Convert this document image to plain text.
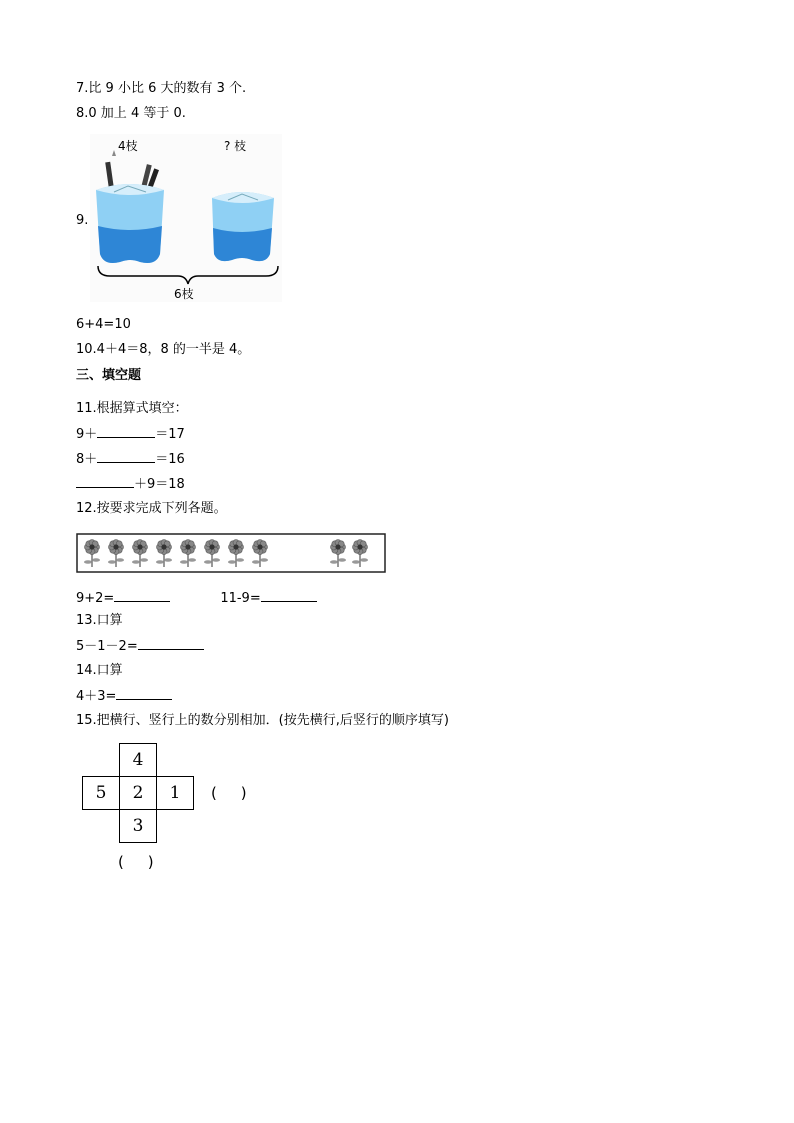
7.比 9 小比 6 大的数有 3 个.
8.0 加上 4 等于 0.
9.
4枝	? 枝
6枝
6+4=10
10.4＋4＝8，8 的一半是 4。
三、填空题
11.根据算式填空：
9＋	＝17
8＋	＝16
＋9＝18
12.按要求完成下列各题。
9+2=	11-9=
13.口算
5－1－2=
14.口算
4＋3=
15.把横行、竖行上的数分别相加．(按先横行,后竖行的顺序填写)
4
5	2	1
3
(     )
(     )
